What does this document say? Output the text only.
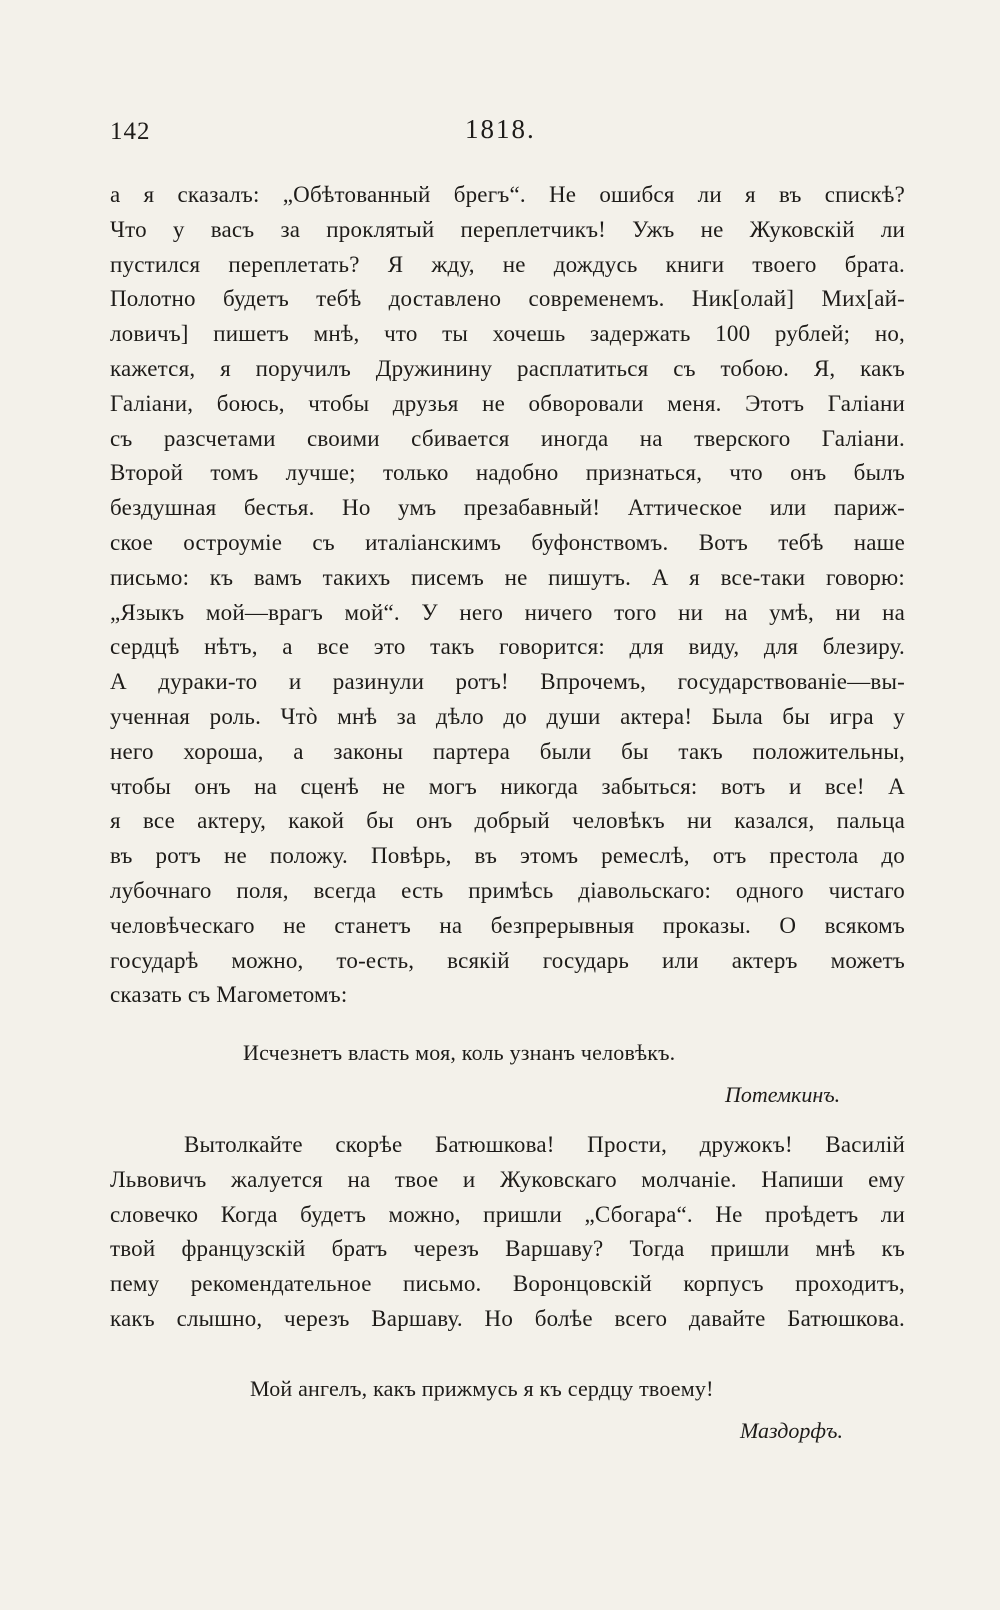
142	1818.
а я сказалъ: „Обѣтованный брегъ“. Не ошибся ли я въ спискѣ?
Что у васъ за проклятый переплетчикъ! Ужъ не Жуковскій ли
пустился переплетать? Я жду, не дождусь книги твоего брата.
Полотно будетъ тебѣ доставлено современемъ. Ник[олай] Мих[ай-
ловичъ] пишетъ мнѣ, что ты хочешь задержать 100 рублей; но,
кажется, я поручилъ Дружинину расплатиться съ тобою. Я, какъ
Галіани, боюсь, чтобы друзья не обворовали меня. Этотъ Галіани
съ разсчетами своими сбивается иногда на тверского Галіани.
Второй томъ лучше; только надобно признаться, что онъ былъ
бездушная бестья. Но умъ презабавный! Аттическое или париж-
ское остроуміе съ италіанскимъ буфонствомъ. Вотъ тебѣ наше
письмо: къ вамъ такихъ писемъ не пишутъ. А я все-таки говорю:
„Языкъ мой—врагъ мой“. У него ничего того ни на умѣ, ни на
сердцѣ нѣтъ, а все это такъ говорится: для виду, для блезиру.
А дураки-то и разинули ротъ! Впрочемъ, государствованіе—вы-
ученная роль. Чтò мнѣ за дѣло до души актера! Была бы игра у
него хороша, а законы партера были бы такъ положительны,
чтобы онъ на сценѣ не могъ никогда забыться: вотъ и все! А
я все актеру, какой бы онъ добрый человѣкъ ни казался, пальца
въ ротъ не положу. Повѣрь, въ этомъ ремеслѣ, отъ престола до
лубочнаго поля, всегда есть примѣсь діавольскаго: одного чистаго
человѣческаго не станетъ на безпрерывныя проказы. О всякомъ
государѣ можно, то-есть, всякій государь или актеръ можетъ
сказать съ Магометомъ:
Исчезнетъ власть моя, коль узнанъ человѣкъ.
Потемкинъ.
Вытолкайте скорѣе Батюшкова! Прости, дружокъ! Василій
Львовичъ жалуется на твое и Жуковскаго молчаніе. Напиши ему
словечко Когда будетъ можно, пришли „Сбогара“. Не проѣдетъ ли
твой французскій братъ черезъ Варшаву? Тогда пришли мнѣ къ
пему рекомендательное письмо. Воронцовскій корпусъ проходитъ,
какъ слышно, черезъ Варшаву. Но болѣе всего давайте Батюшкова.
Мой ангелъ, какъ прижмусь я къ сердцу твоему!
Маздорфъ.
